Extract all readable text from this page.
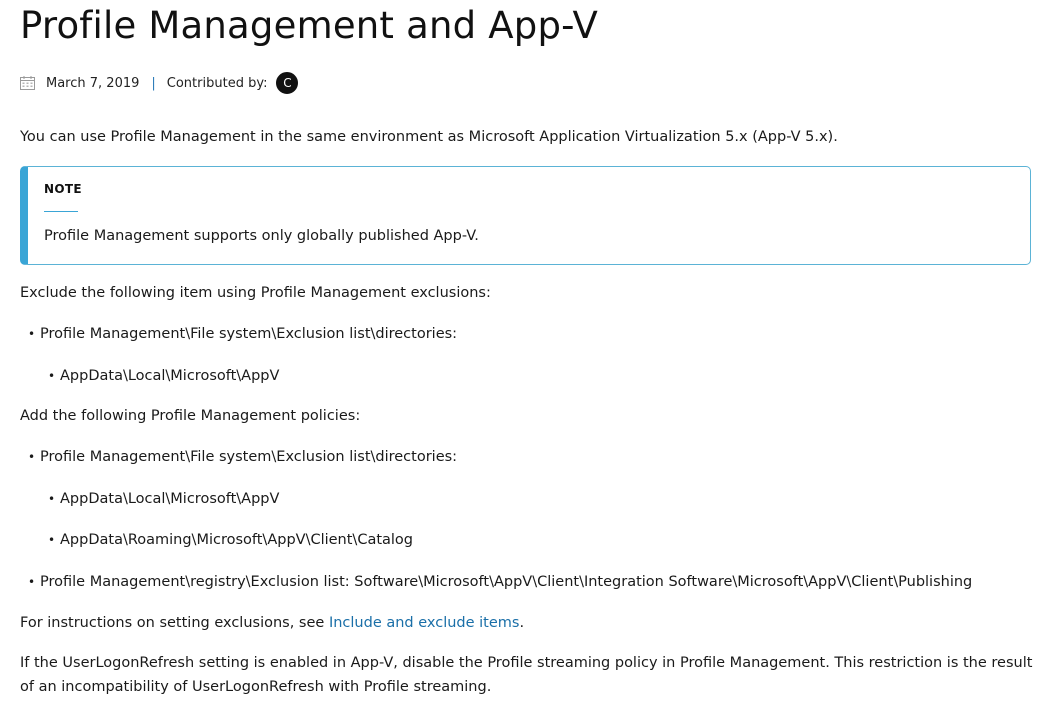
Profile Management and App-V
March 7, 2019 | Contributed by:	C

You can use Profile Management in the same environment as Microsoft Application Virtualization 5.x (App-V 5.x).

NOTE
Profile Management supports only globally published App-V.

Exclude the following item using Profile Management exclusions:

• Profile Management\File system\Exclusion list\directories:
• AppData\Local\Microsoft\AppV

Add the following Profile Management policies:

• Profile Management\File system\Exclusion list\directories:
• AppData\Local\Microsoft\AppV
• AppData\Roaming\Microsoft\AppV\Client\Catalog
• Profile Management\registry\Exclusion list: Software\Microsoft\AppV\Client\Integration Software\Microsoft\AppV\Client\Publishing

For instructions on setting exclusions, see Include and exclude items.

If the UserLogonRefresh setting is enabled in App-V, disable the Profile streaming policy in Profile Management. This restriction is the result of an incompatibility of UserLogonRefresh with Profile streaming.
